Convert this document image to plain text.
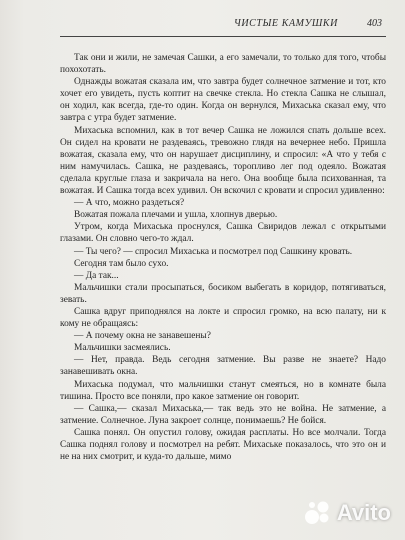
ЧИСТЫЕ КАМУШКИ	403

Так они и жили, не замечая Сашки, а его замечали, то только для того, чтобы похохотать.

Однажды вожатая сказала им, что завтра будет солнечное затмение и тот, кто хочет его увидеть, пусть коптит на свечке стекла. Но стекла Сашка не слышал, он ходил, как всегда, где-то один. Когда он вернулся, Михаська сказал ему, что завтра с утра будет затмение.

Михаська вспомнил, как в тот вечер Сашка не ложился спать дольше всех. Он сидел на кровати не раздеваясь, тревожно глядя на вечернее небо. Пришла вожатая, сказала ему, что он нарушает дисциплину, и спросил: «А что у тебя с ним намучилась. Сашка, не раздеваясь, торопливо лег под одеяло. Вожатая сделала круглые глаза и закричала на него. Она вообще была психованная, та вожатая. И Сашка тогда всех удивил. Он вскочил с кровати и спросил удивленно:

— А что, можно раздеться?

Вожатая пожала плечами и ушла, хлопнув дверью.

Утром, когда Михаська проснулся, Сашка Свиридов лежал с открытыми глазами. Он словно чего-то ждал.

— Ты чего? — спросил Михаська и посмотрел под Сашкину кровать.

Сегодня там было сухо.

— Да так...

Мальчишки стали просыпаться, босиком выбегать в коридор, потягиваться, зевать.

Сашка вдруг приподнялся на локте и спросил громко, на всю палату, ни к кому не обращаясь:

— А почему окна не занавешены?

Мальчишки засмеялись.

— Нет, правда. Ведь сегодня затмение. Вы разве не знаете? Надо занавешивать окна.

Михаська подумал, что мальчишки станут смеяться, но в комнате была тишина. Просто все поняли, про какое затмение он говорит.

— Сашка,— сказал Михаська,— так ведь это не война. Не затмение, а затмение. Солнечное. Луна закроет солнце, понимаешь? Не бойся.

Сашка понял. Он опустил голову, ожидая расплаты. Но все молчали. Тогда Сашка поднял голову и посмотрел на ребят. Михаське показалось, что это он и не на них смотрит, и куда-то дальше, мимо

Avito
